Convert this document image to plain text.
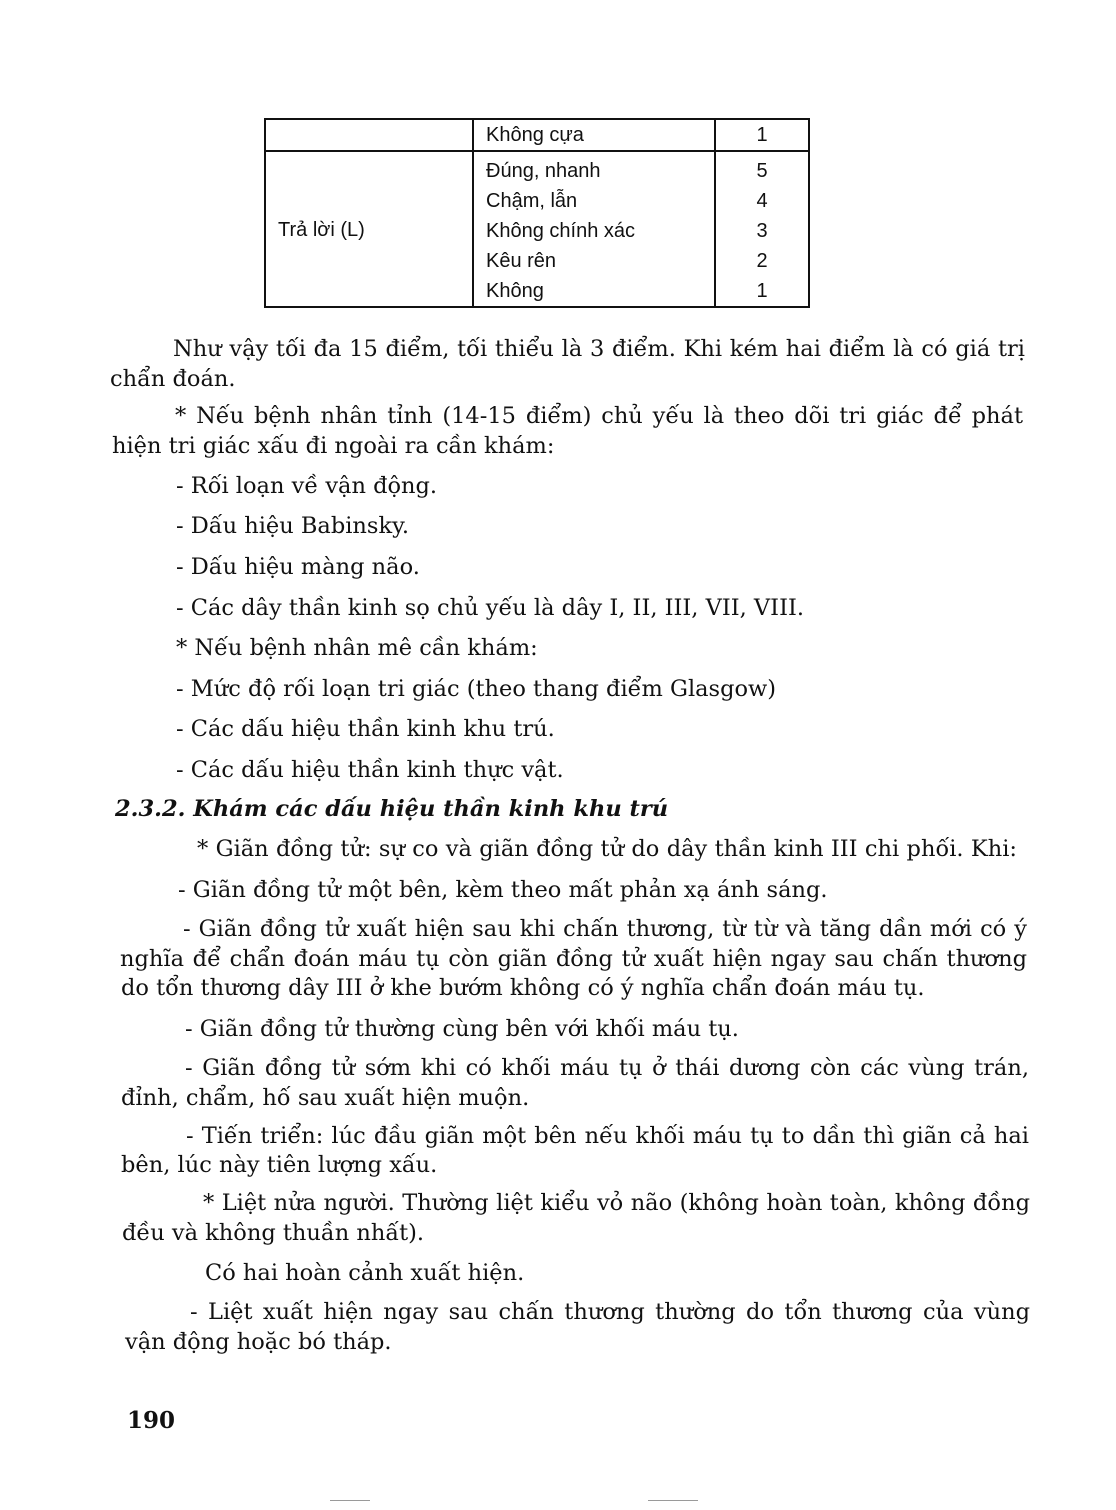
Không cựa	1
Trả lời (L)
Đúng, nhanh	5
Chậm, lẫn	4
Không chính xác	3
Kêu rên	2
Không	1
Như vậy tối đa 15 điểm, tối thiểu là 3 điểm. Khi kém hai điểm là có giá trị
chẩn đoán.
* Nếu bệnh nhân tỉnh (14-15 điểm) chủ yếu là theo dõi tri giác để phát
hiện tri giác xấu đi ngoài ra cần khám:
- Rối loạn về vận động.
- Dấu hiệu Babinsky.
- Dấu hiệu màng não.
- Các dây thần kinh sọ chủ yếu là dây I, II, III, VII, VIII.
* Nếu bệnh nhân mê cần khám:
- Mức độ rối loạn tri giác (theo thang điểm Glasgow)
- Các dấu hiệu thần kinh khu trú.
- Các dấu hiệu thần kinh thực vật.
2.3.2. Khám các dấu hiệu thần kinh khu trú
* Giãn đồng tử: sự co và giãn đồng tử do dây thần kinh III chi phối. Khi:
- Giãn đồng tử một bên, kèm theo mất phản xạ ánh sáng.
- Giãn đồng tử xuất hiện sau khi chấn thương, từ từ và tăng dần mới có ý
nghĩa để chẩn đoán máu tụ còn giãn đồng tử xuất hiện ngay sau chấn thương
do tổn thương dây III ở khe bướm không có ý nghĩa chẩn đoán máu tụ.
- Giãn đồng tử thường cùng bên với khối máu tụ.
- Giãn đồng tử sớm khi có khối máu tụ ở thái dương còn các vùng trán,
đỉnh, chẩm, hố sau xuất hiện muộn.
- Tiến triển: lúc đầu giãn một bên nếu khối máu tụ to dần thì giãn cả hai
bên, lúc này tiên lượng xấu.
* Liệt nửa người. Thường liệt kiểu vỏ não (không hoàn toàn, không đồng
đều và không thuần nhất).
Có hai hoàn cảnh xuất hiện.
- Liệt xuất hiện ngay sau chấn thương thường do tổn thương của vùng
vận động hoặc bó tháp.
190
